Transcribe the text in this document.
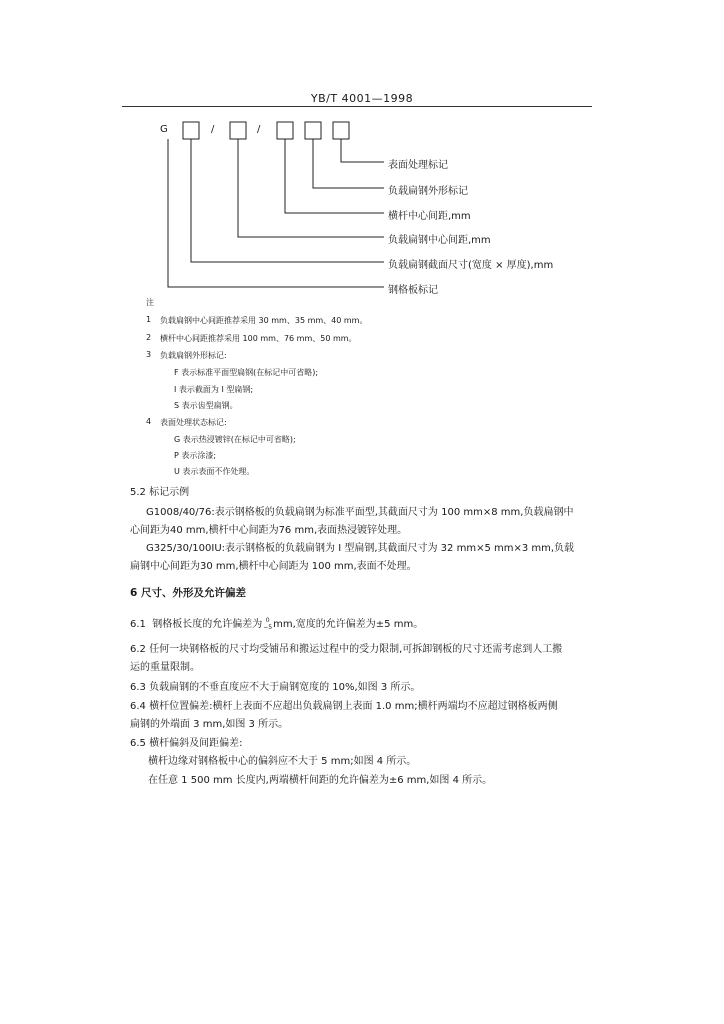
YB/T 4001—1998
G	/	/
表面处理标记
负载扁钢外形标记
横杆中心间距,mm
负载扁钢中心间距,mm
负载扁钢截面尺寸(宽度 × 厚度),mm
钢格板标记
注
1 负载扁钢中心间距推荐采用 30 mm、35 mm、40 mm。
2 横杆中心间距推荐采用 100 mm、76 mm、50 mm。
3 负载扁钢外形标记:
F 表示标准平面型扁钢(在标记中可省略);
I 表示截面为 I 型扁钢;
S 表示齿型扁钢。
4 表面处理状态标记:
G 表示热浸镀锌(在标记中可省略);
P 表示涂漆;
U 表示表面不作处理。
5.2 标记示例
G1008/40/76:表示钢格板的负载扁钢为标准平面型,其截面尺寸为 100 mm×8 mm,负载扁钢中
心间距为40 mm,横杆中心间距为76 mm,表面热浸镀锌处理。
G325/30/100IU:表示钢格板的负载扁钢为 I 型扁钢,其截面尺寸为 32 mm×5 mm×3 mm,负载
扁钢中心间距为30 mm,横杆中心间距为 100 mm,表面不处理。
6 尺寸、外形及允许偏差
6.1 钢格板长度的允许偏差为 0
−5 mm,宽度的允许偏差为±5 mm。
6.2 任何一块钢格板的尺寸均受铺吊和搬运过程中的受力限制,可拆卸钢板的尺寸还需考虑到人工搬
运的重量限制。
6.3 负载扁钢的不垂直度应不大于扁钢宽度的 10%,如图 3 所示。
6.4 横杆位置偏差:横杆上表面不应超出负载扁钢上表面 1.0 mm;横杆两端均不应超过钢格板两侧
扁钢的外端面 3 mm,如图 3 所示。
6.5 横杆偏斜及间距偏差:
横杆边缘对钢格板中心的偏斜应不大于 5 mm;如图 4 所示。
在任意 1 500 mm 长度内,两端横杆间距的允许偏差为±6 mm,如图 4 所示。
